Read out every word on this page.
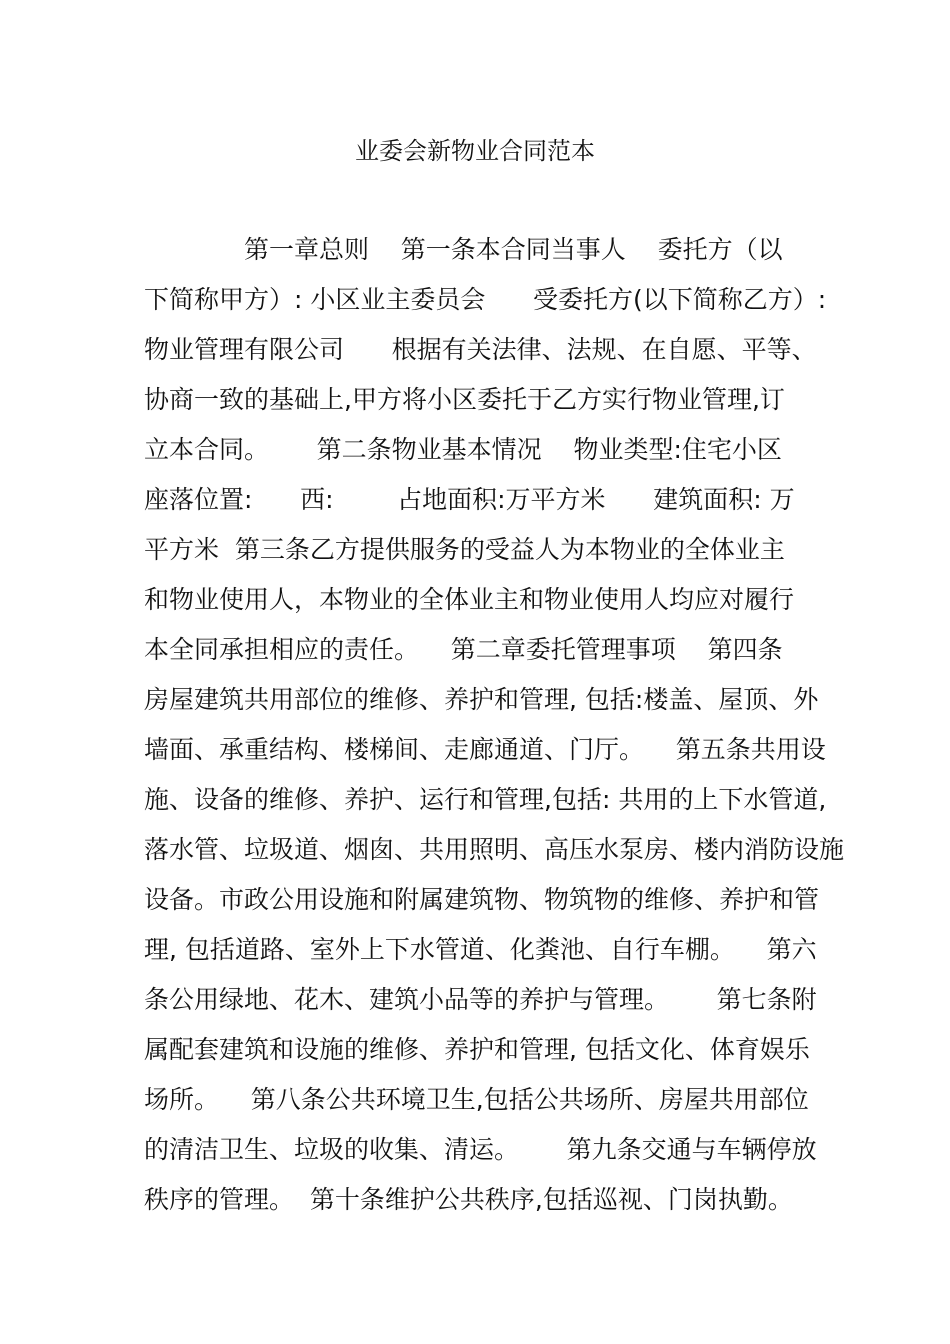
业委会新物业合同范本
第一章总则    第一条本合同当事人    委托方（以
下简称甲方）: 小区业主委员会      受委托方(以下简称乙方）:
物业管理有限公司      根据有关法律、法规、在自愿、平等、
协商一致的基础上,甲方将小区委托于乙方实行物业管理,订
立本合同。      第二条物业基本情况    物业类型:住宅小区
座落位置:      西:        占地面积:万平方米      建筑面积: 万
平方米  第三条乙方提供服务的受益人为本物业的全体业主
和物业使用人，本物业的全体业主和物业使用人均应对履行
本全同承担相应的责任。    第二章委托管理事项    第四条
房屋建筑共用部位的维修、养护和管理, 包括:楼盖、屋顶、外
墙面、承重结构、楼梯间、走廊通道、门厅。    第五条共用设
施、设备的维修、养护、运行和管理,包括: 共用的上下水管道,
落水管、垃圾道、烟囱、共用照明、高压水泵房、楼内消防设施
设备。市政公用设施和附属建筑物、物筑物的维修、养护和管
理, 包括道路、室外上下水管道、化粪池、自行车棚。    第六
条公用绿地、花木、建筑小品等的养护与管理。      第七条附
属配套建筑和设施的维修、养护和管理, 包括文化、体育娱乐
场所。    第八条公共环境卫生,包括公共场所、房屋共用部位
的清洁卫生、垃圾的收集、清运。      第九条交通与车辆停放
秩序的管理。  第十条维护公共秩序,包括巡视、门岗执勤。
